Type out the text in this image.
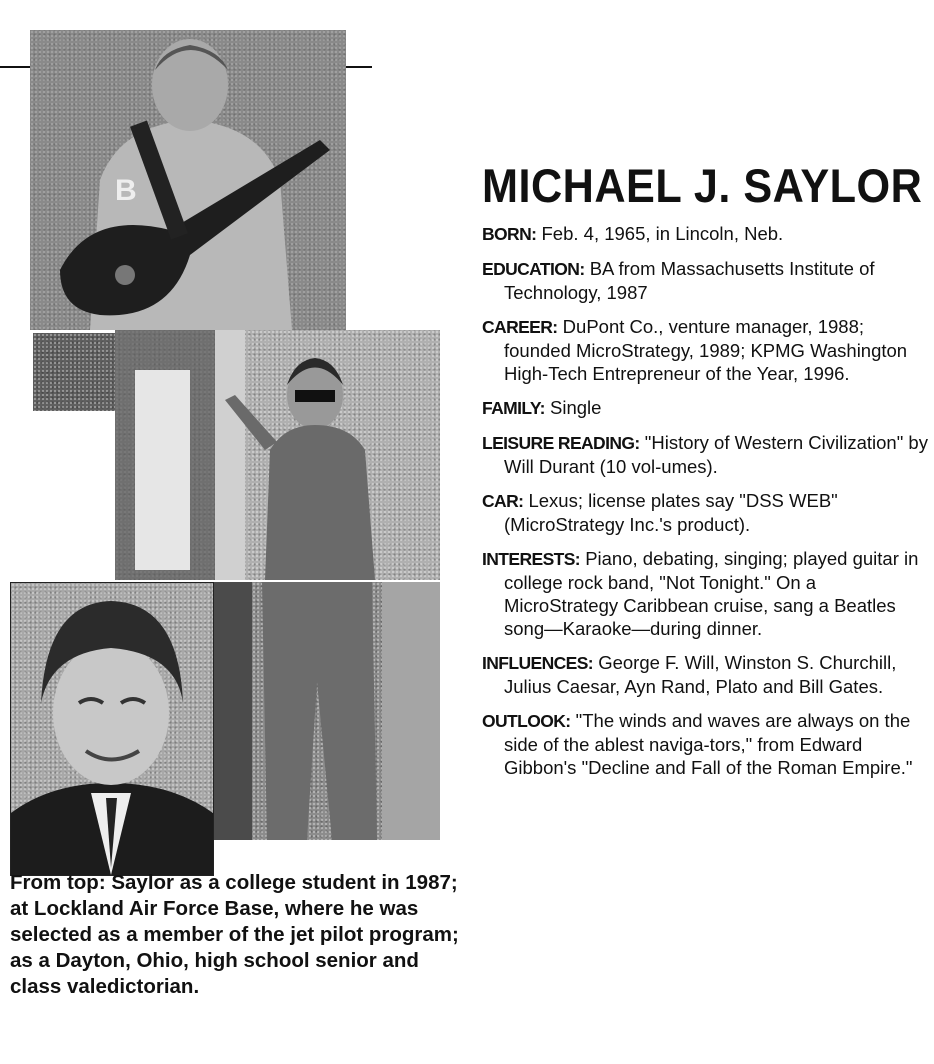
B

From top: Saylor as a college student in 1987; at Lockland Air Force Base, where he was selected as a member of the jet pilot program; as a Dayton, Ohio, high school senior and class valedictorian.

MICHAEL J. SAYLOR
BORN: Feb. 4, 1965, in Lincoln, Neb.
EDUCATION: BA from Massachusetts Institute of Technology, 1987
CAREER: DuPont Co., venture manager, 1988; founded MicroStrategy, 1989; KPMG Washington High-Tech Entrepreneur of the Year, 1996.
FAMILY: Single
LEISURE READING: "History of Western Civilization" by Will Durant (10 vol-umes).
CAR: Lexus; license plates say "DSS WEB" (MicroStrategy Inc.'s product).
INTERESTS: Piano, debating, singing; played guitar in college rock band, "Not Tonight." On a MicroStrategy Caribbean cruise, sang a Beatles song—Karaoke—during dinner.
INFLUENCES: George F. Will, Winston S. Churchill, Julius Caesar, Ayn Rand, Plato and Bill Gates.
OUTLOOK: "The winds and waves are always on the side of the ablest naviga-tors," from Edward Gibbon's "Decline and Fall of the Roman Empire."
